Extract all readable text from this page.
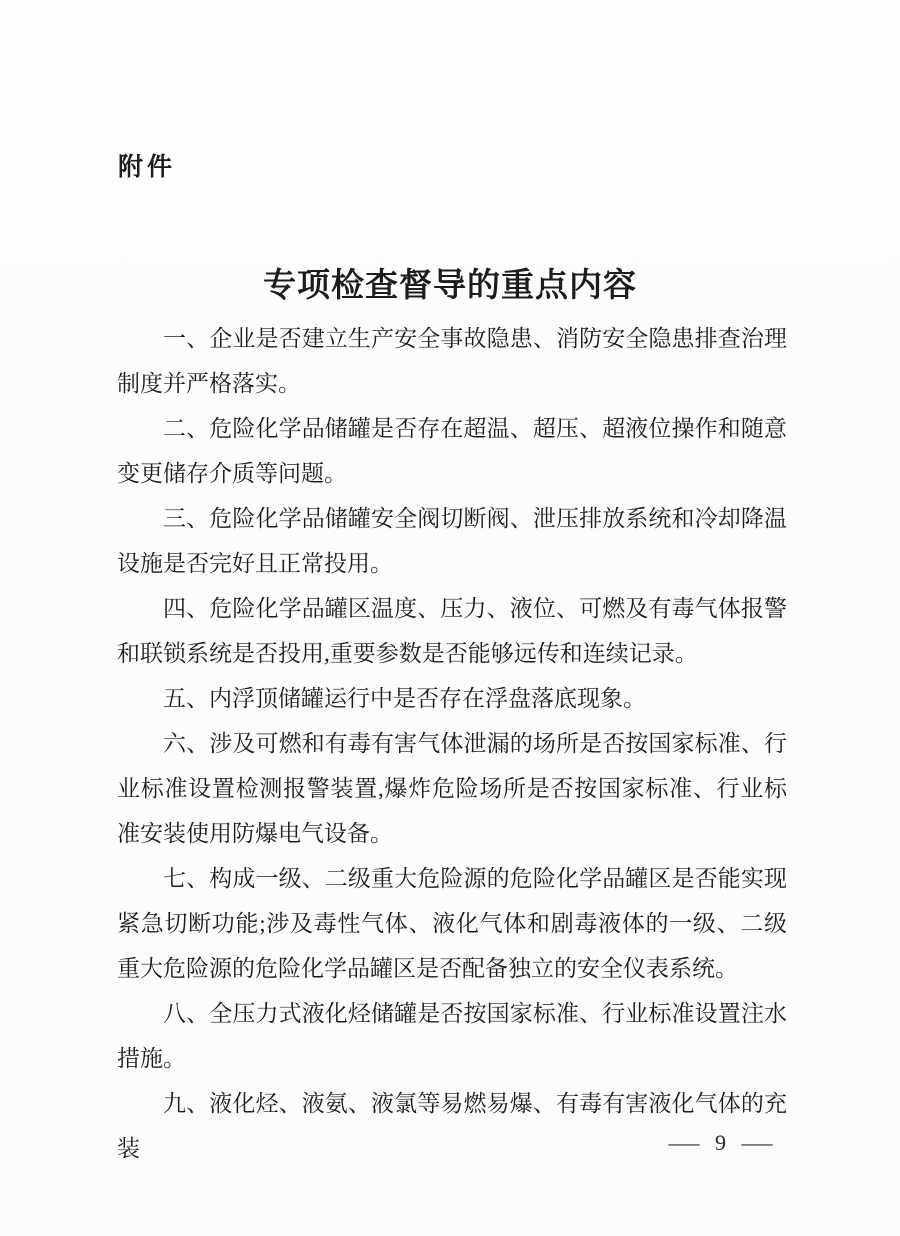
附件
专项检查督导的重点内容

一、企业是否建立生产安全事故隐患、消防安全隐患排查治理制度并严格落实。

二、危险化学品储罐是否存在超温、超压、超液位操作和随意变更储存介质等问题。

三、危险化学品储罐安全阀切断阀、泄压排放系统和冷却降温设施是否完好且正常投用。

四、危险化学品罐区温度、压力、液位、可燃及有毒气体报警和联锁系统是否投用,重要参数是否能够远传和连续记录。

五、内浮顶储罐运行中是否存在浮盘落底现象。

六、涉及可燃和有毒有害气体泄漏的场所是否按国家标准、行业标准设置检测报警装置,爆炸危险场所是否按国家标准、行业标准安装使用防爆电气设备。

七、构成一级、二级重大危险源的危险化学品罐区是否能实现紧急切断功能;涉及毒性气体、液化气体和剧毒液体的一级、二级重大危险源的危险化学品罐区是否配备独立的安全仪表系统。

八、全压力式液化烃储罐是否按国家标准、行业标准设置注水措施。

九、液化烃、液氨、液氯等易燃易爆、有毒有害液化气体的充装	— 9 —
